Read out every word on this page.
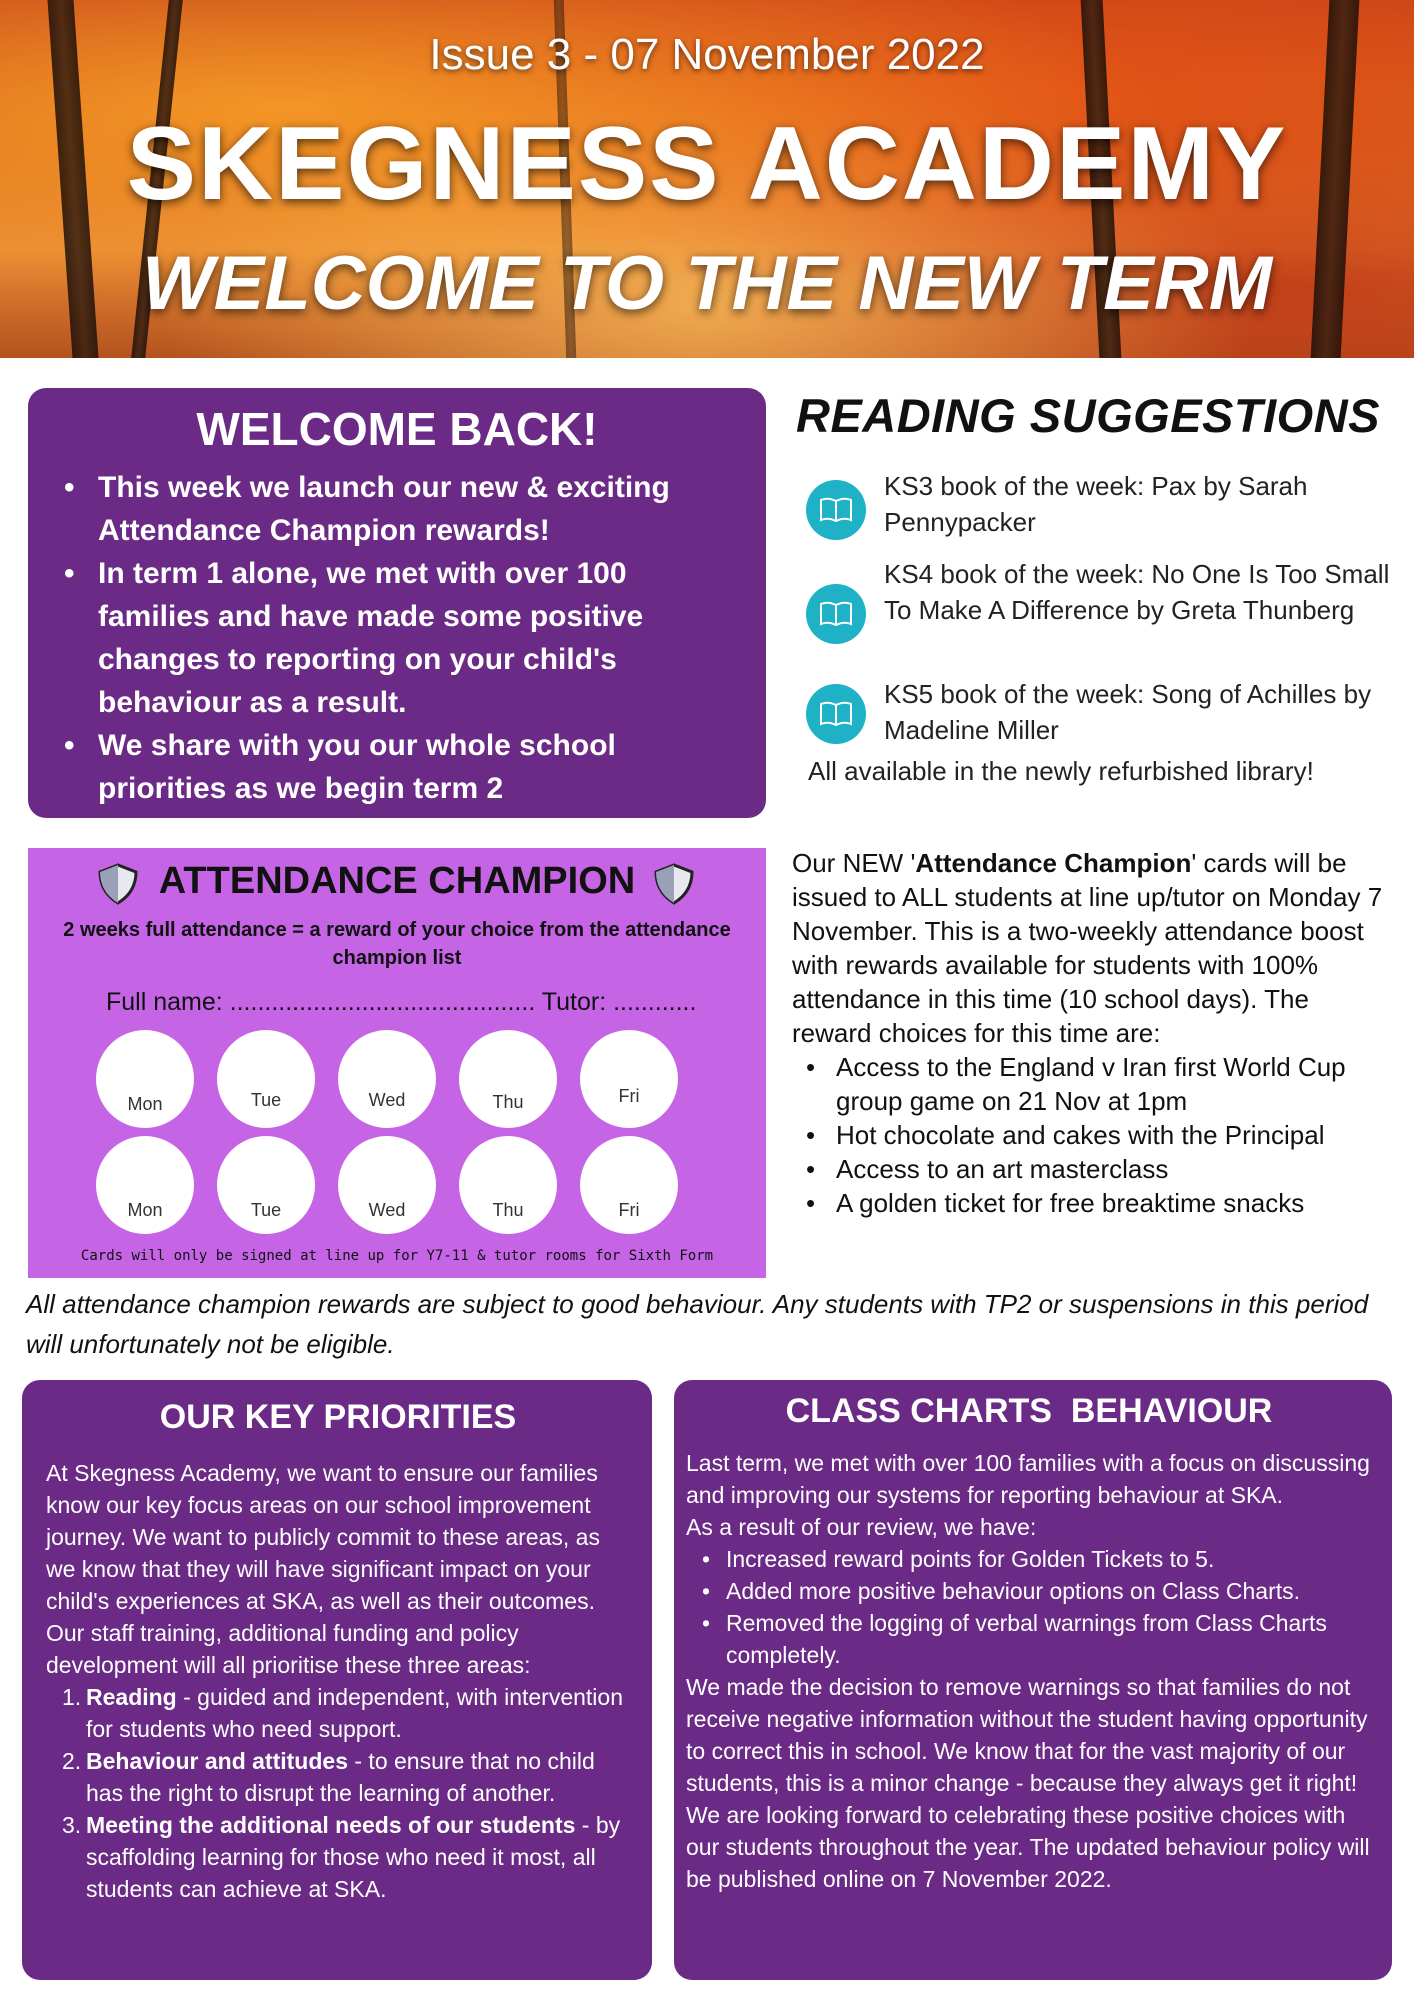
Issue 3 - 07 November 2022
SKEGNESS ACADEMY
WELCOME TO THE NEW TERM
WELCOME BACK!
• This week we launch our new & exciting Attendance Champion rewards!
• In term 1 alone, we met with over 100 families and have made some positive changes to reporting on your child's behaviour as a result.
• We share with you our whole school priorities as we begin term 2
READING SUGGESTIONS
KS3 book of the week: Pax by Sarah Pennypacker
KS4 book of the week: No One Is Too Small To Make A Difference by Greta Thunberg
KS5 book of the week: Song of Achilles by Madeline Miller
All available in the newly refurbished library!
ATTENDANCE CHAMPION
2 weeks full attendance = a reward of your choice from the attendance champion list
Full name: ............................................ Tutor: ............
Mon	Tue	Wed	Thu	Fri
Mon	Tue	Wed	Thu	Fri
Cards will only be signed at line up for Y7-11 & tutor rooms for Sixth Form
Our NEW 'Attendance Champion' cards will be issued to ALL students at line up/tutor on Monday 7 November. This is a two-weekly attendance boost with rewards available for students with 100% attendance in this time (10 school days). The reward choices for this time are:
• Access to the England v Iran first World Cup group game on 21 Nov at 1pm
• Hot chocolate and cakes with the Principal
• Access to an art masterclass
• A golden ticket for free breaktime snacks
All attendance champion rewards are subject to good behaviour. Any students with TP2 or suspensions in this period will unfortunately not be eligible.
OUR KEY PRIORITIES

At Skegness Academy, we want to ensure our families know our key focus areas on our school improvement journey. We want to publicly commit to these areas, as we know that they will have significant impact on your child's experiences at SKA, as well as their outcomes. Our staff training, additional funding and policy development will all prioritise these three areas:

1. Reading - guided and independent, with intervention for students who need support.
2. Behaviour and attitudes - to ensure that no child has the right to disrupt the learning of another.
3. Meeting the additional needs of our students - by scaffolding learning for those who need it most, all students can achieve at SKA.
CLASS CHARTS  BEHAVIOUR

Last term, we met with over 100 families with a focus on discussing and improving our systems for reporting behaviour at SKA.

As a result of our review, we have:

• Increased reward points for Golden Tickets to 5.
• Added more positive behaviour options on Class Charts.
• Removed the logging of verbal warnings from Class Charts completely.

We made the decision to remove warnings so that families do not receive negative information without the student having opportunity to correct this in school. We know that for the vast majority of our students, this is a minor change - because they always get it right! We are looking forward to celebrating these positive choices with our students throughout the year. The updated behaviour policy will be published online on 7 November 2022.
